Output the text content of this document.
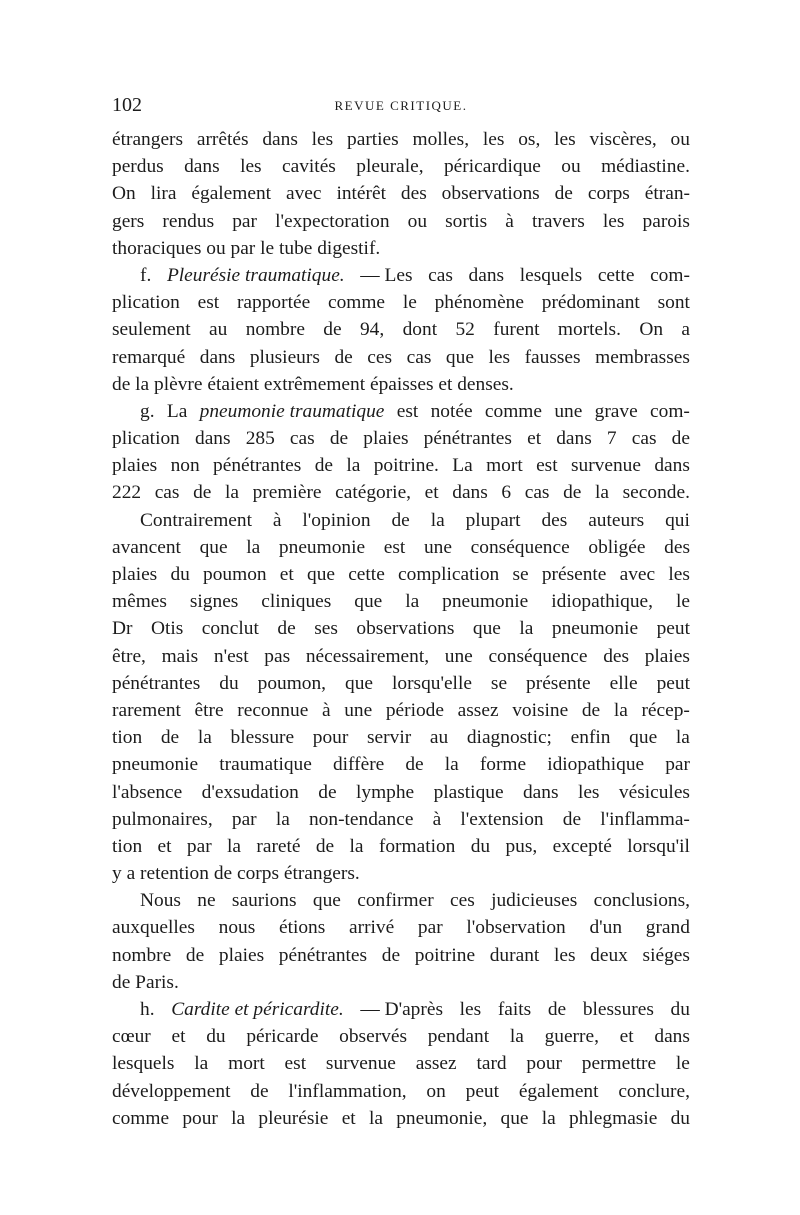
102	REVUE CRITIQUE.
étrangers arrêtés dans les parties molles, les os, les viscères, ou
perdus dans les cavités pleurale, péricardique ou médiastine.
On lira également avec intérêt des observations de corps étran-
gers rendus par l'expectoration ou sortis à travers les parois
thoraciques
ou
par
le
tube
digestif.
f. Pleurésie traumatique. — Les cas dans lesquels cette com-
plication est rapportée comme le phénomène prédominant sont
seulement au nombre de 94, dont 52 furent mortels. On a
remarqué dans plusieurs de ces cas que les fausses membrasses
de
la
plèvre
étaient
extrêmement
épaisses
et
denses.
g. La pneumonie traumatique est notée comme une grave com-
plication dans 285 cas de plaies pénétrantes et dans 7 cas de
plaies non pénétrantes de la poitrine. La mort est survenue dans
222 cas de la première catégorie, et dans 6 cas de la seconde.
Contrairement à l'opinion de la plupart des auteurs qui
avancent que la pneumonie est une conséquence obligée des
plaies du poumon et que cette complication se présente avec les
mêmes signes cliniques que la pneumonie idiopathique, le
Dr Otis conclut de ses observations que la pneumonie peut
être, mais n'est pas nécessairement, une conséquence des plaies
pénétrantes du poumon, que lorsqu'elle se présente elle peut
rarement être reconnue à une période assez voisine de la récep-
tion de la blessure pour servir au diagnostic; enfin que la
pneumonie traumatique diffère de la forme idiopathique par
l'absence d'exsudation de lymphe plastique dans les vésicules
pulmonaires, par la non-tendance à l'extension de l'inflamma-
tion et par la rareté de la formation du pus, excepté lorsqu'il
y
a
retention
de
corps
étrangers.
Nous ne saurions que confirmer ces judicieuses conclusions,
auxquelles nous étions arrivé par l'observation d'un grand
nombre de plaies pénétrantes de poitrine durant les deux siéges
de
Paris.
h. Cardite et péricardite. — D'après les faits de blessures du
cœur et du péricarde observés pendant la guerre, et dans
lesquels la mort est survenue assez tard pour permettre le
développement de l'inflammation, on peut également conclure,
comme pour la pleurésie et la pneumonie, que la phlegmasie du
